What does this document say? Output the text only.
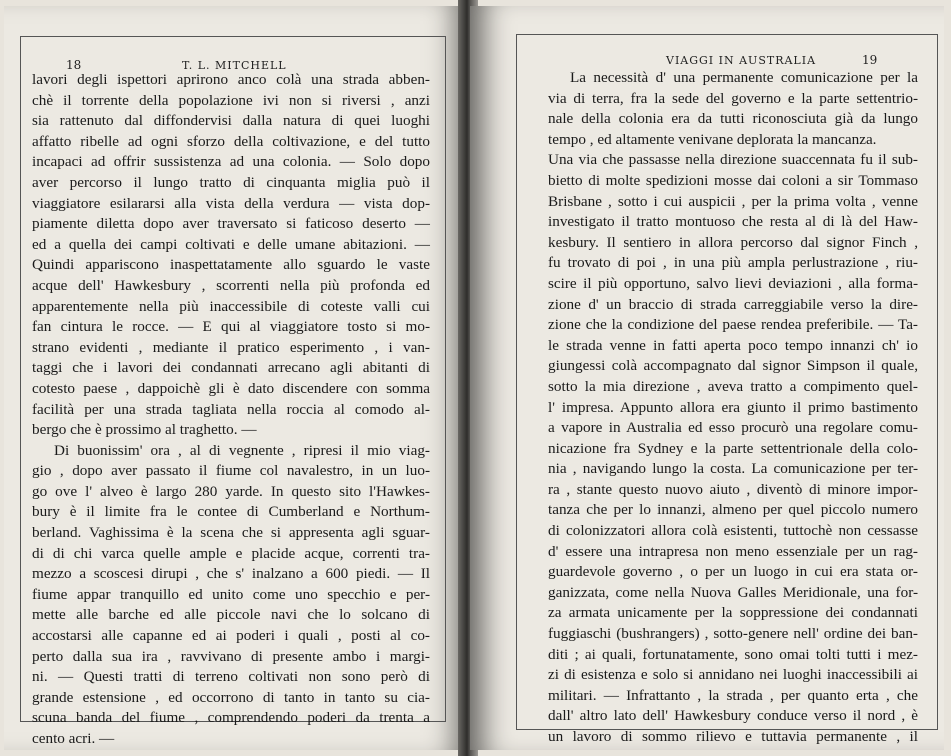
18	T. L. MITCHELL
lavori degli ispettori aprirono anco colà una strada abben-
chè il torrente della popolazione ivi non si riversi , anzi
sia rattenuto dal diffondervisi dalla natura di quei luoghi
affatto ribelle ad ogni sforzo della coltivazione, e del tutto
incapaci ad offrir sussistenza ad una colonia. — Solo dopo
aver percorso il lungo tratto di cinquanta miglia può il
viaggiatore esilararsi alla vista della verdura — vista dop-
piamente diletta dopo aver traversato si faticoso deserto —
ed a quella dei campi coltivati e delle umane abitazioni. —
Quindi appariscono inaspettatamente allo sguardo le vaste
acque dell' Hawkesbury , scorrenti nella più profonda ed
apparentemente nella più inaccessibile di coteste valli cui
fan cintura le rocce. — E qui al viaggiatore tosto si mo-
strano evidenti , mediante il pratico esperimento , i van-
taggi che i lavori dei condannati arrecano agli abitanti di
cotesto paese , dappoichè gli è dato discendere con somma
facilità per una strada tagliata nella roccia al comodo al-
bergo che è prossimo al traghetto. —
Di buonissim' ora , al di vegnente , ripresi il mio viag-
gio , dopo aver passato il fiume col navalestro, in un luo-
go ove l' alveo è largo 280 yarde. In questo sito l'Hawkes-
bury è il limite fra le contee di Cumberland e Northum-
berland. Vaghissima è la scena che si appresenta agli sguar-
di di chi varca quelle ample e placide acque, correnti tra-
mezzo a scoscesi dirupi , che s' inalzano a 600 piedi. — Il
fiume appar tranquillo ed unito come uno specchio e per-
mette alle barche ed alle piccole navi che lo solcano di
accostarsi alle capanne ed ai poderi i quali , posti al co-
perto dalla sua ira , ravvivano di presente ambo i margi-
ni. — Questi tratti di terreno coltivati non sono però di
grande estensione , ed occorrono di tanto in tanto su cia-
scuna banda del fiume , comprendendo poderi da trenta a
cento acri. —
VIAGGI IN AUSTRALIA	19
La necessità d' una permanente comunicazione per la
via di terra, fra la sede del governo e la parte settentrio-
nale della colonia era da tutti riconosciuta già da lungo
tempo , ed altamente venivane deplorata la mancanza.
Una via che passasse nella direzione suaccennata fu il sub-
bietto di molte spedizioni mosse dai coloni a sir Tommaso
Brisbane , sotto i cui auspicii , per la prima volta , venne
investigato il tratto montuoso che resta al di là del Haw-
kesbury. Il sentiero in allora percorso dal signor Finch ,
fu trovato di poi , in una più ampla perlustrazione , riu-
scire il più opportuno, salvo lievi deviazioni , alla forma-
zione d' un braccio di strada carreggiabile verso la dire-
zione che la condizione del paese rendea preferibile. — Ta-
le strada venne in fatti aperta poco tempo innanzi ch' io
giungessi colà accompagnato dal signor Simpson il quale,
sotto la mia direzione , aveva tratto a compimento quel-
l' impresa. Appunto allora era giunto il primo bastimento
a vapore in Australia ed esso procurò una regolare comu-
nicazione fra Sydney e la parte settentrionale della colo-
nia , navigando lungo la costa. La comunicazione per ter-
ra , stante questo nuovo aiuto , diventò di minore impor-
tanza che per lo innanzi, almeno per quel piccolo numero
di colonizzatori allora colà esistenti, tuttochè non cessasse
d' essere una intrapresa non meno essenziale per un rag-
guardevole governo , o per un luogo in cui era stata or-
ganizzata, come nella Nuova Galles Meridionale, una for-
za armata unicamente per la soppressione dei condannati
fuggiaschi (bushrangers) , sotto-genere nell' ordine dei ban-
diti ; ai quali, fortunatamente, sono omai tolti tutti i mez-
zi di esistenza e solo si annidano nei luoghi inaccessibili ai
militari. — Infrattanto , la strada , per quanto erta , che
dall' altro lato dell' Hawkesbury conduce verso il nord , è
un lavoro di sommo rilievo e tuttavia permanente , il
